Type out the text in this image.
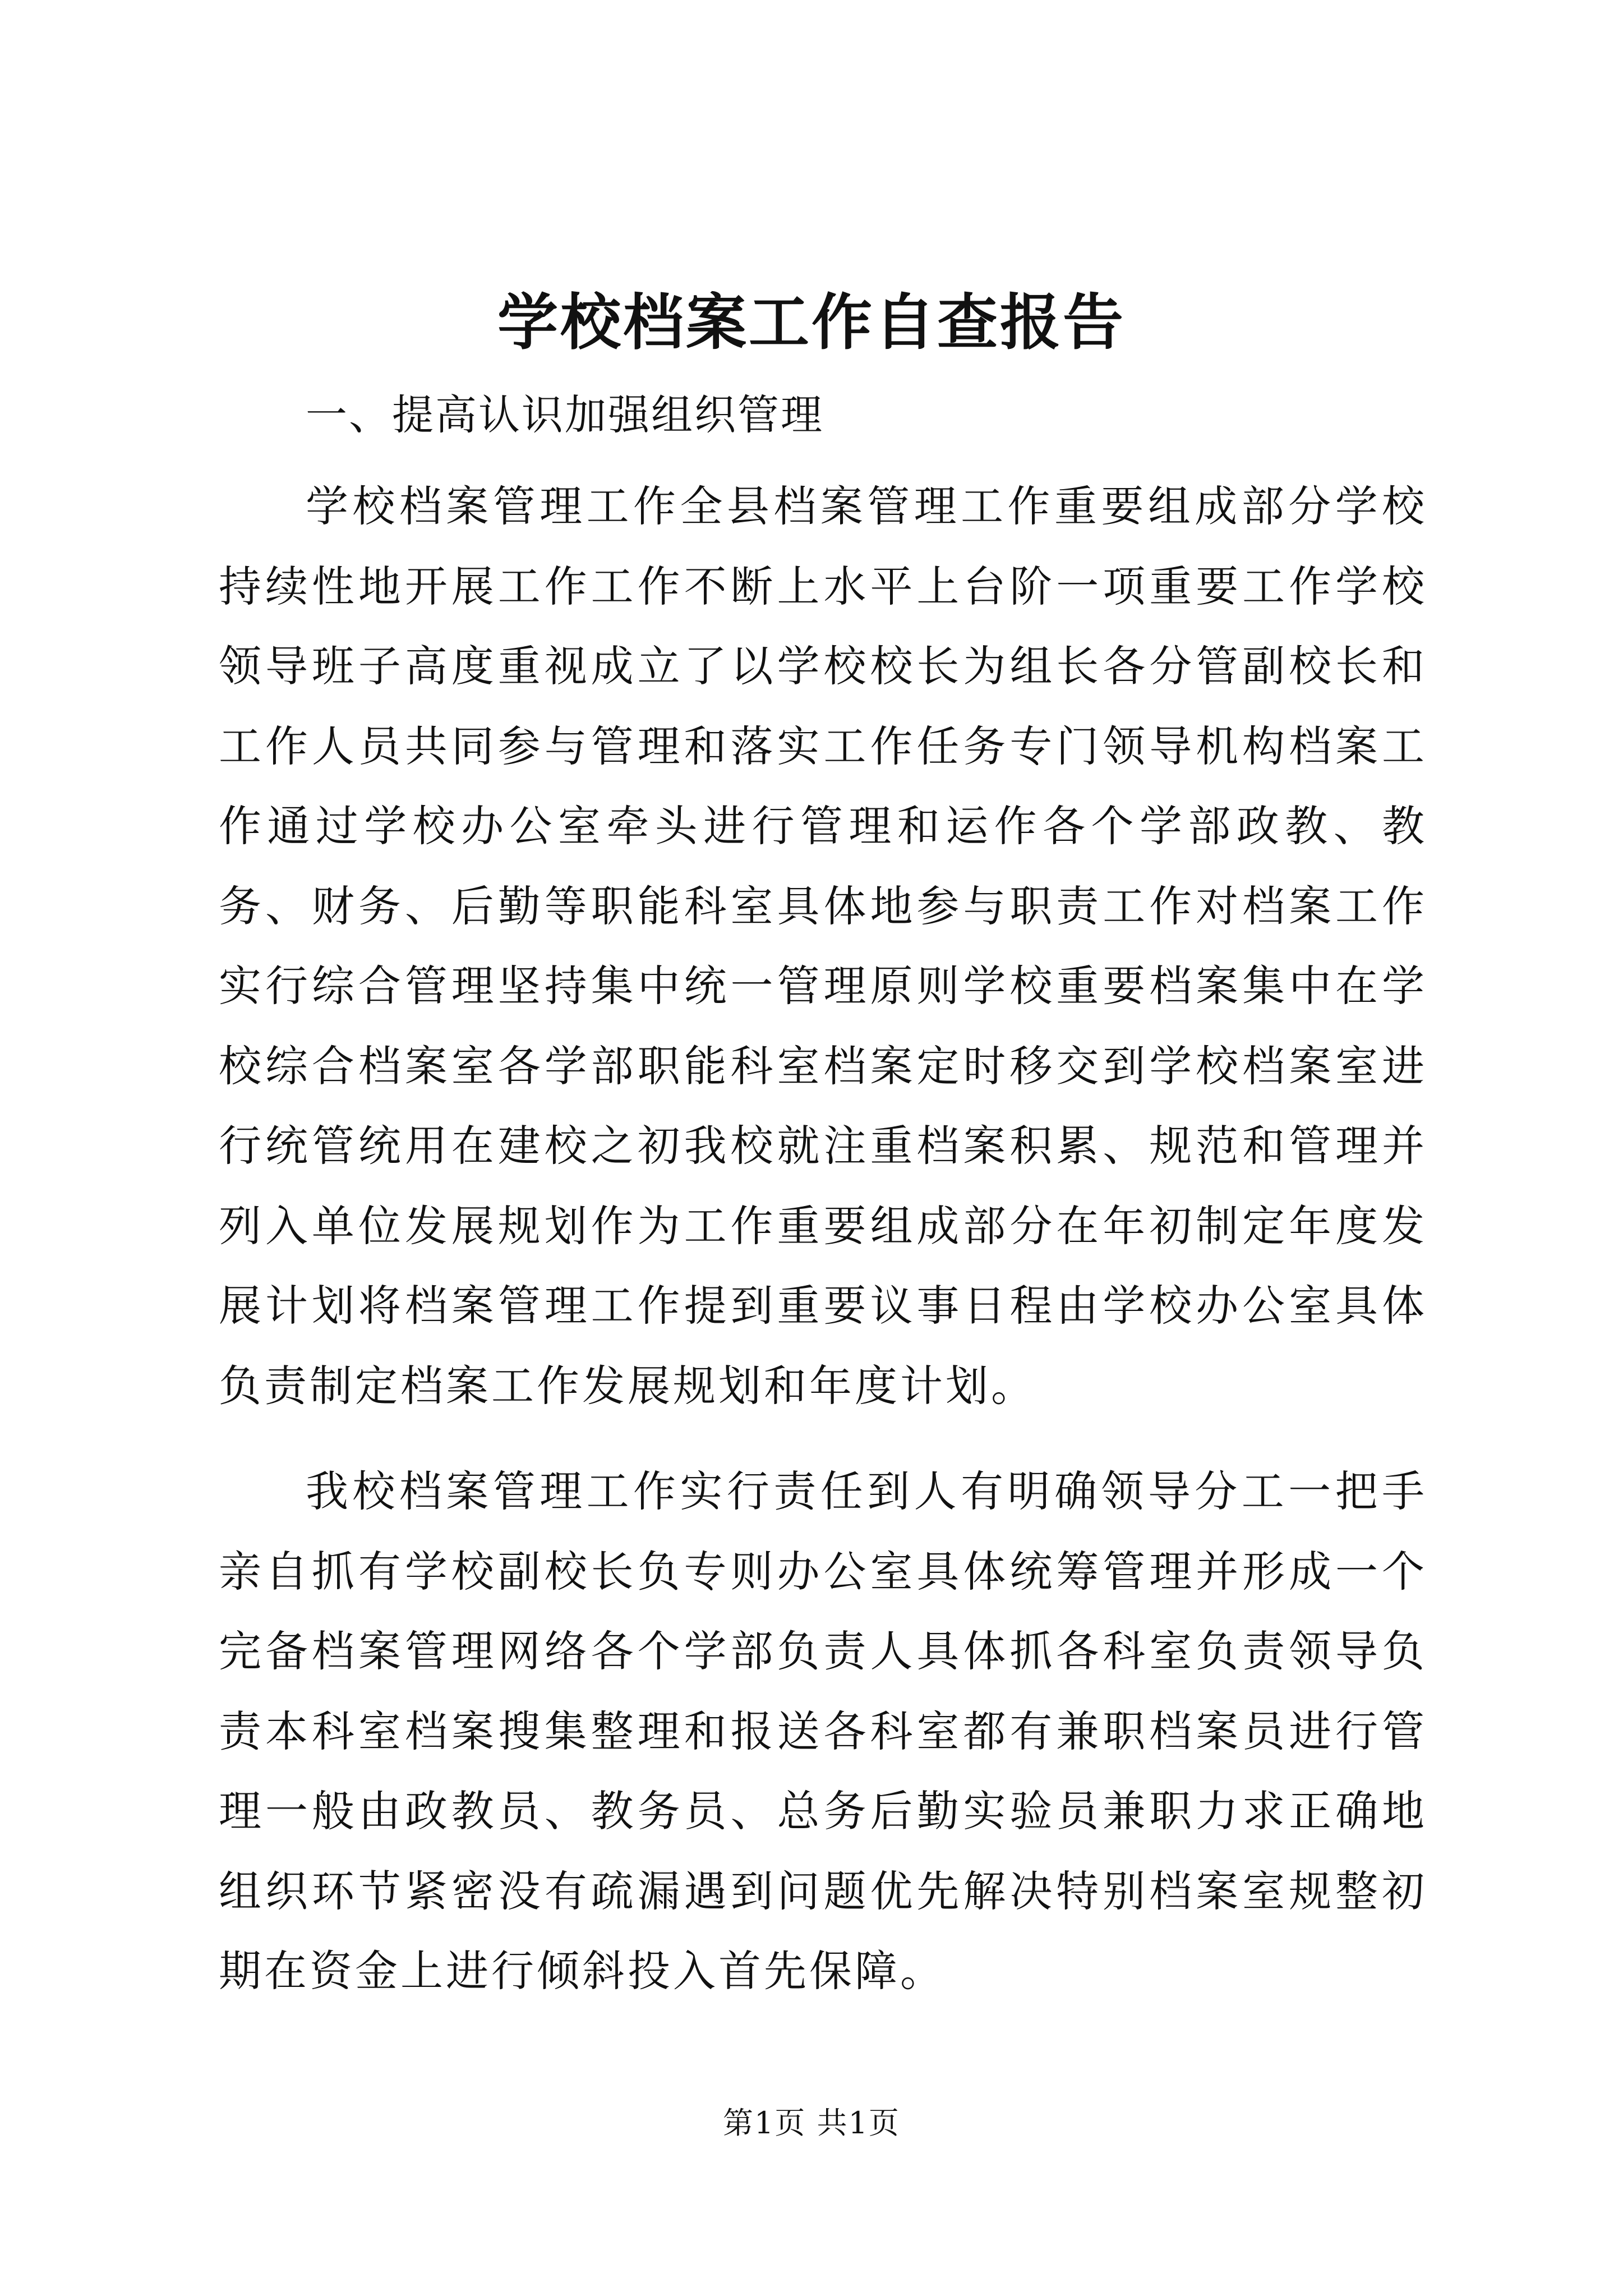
学校档案工作自查报告
一、提高认识加强组织管理

学校档案管理工作全县档案管理工作重要组成部分学校持续性地开展工作工作不断上水平上台阶一项重要工作学校领导班子高度重视成立了以学校校长为组长各分管副校长和工作人员共同参与管理和落实工作任务专门领导机构档案工作通过学校办公室牵头进行管理和运作各个学部政教、教务、财务、后勤等职能科室具体地参与职责工作对档案工作实行综合管理坚持集中统一管理原则学校重要档案集中在学校综合档案室各学部职能科室档案定时移交到学校档案室进行统管统用在建校之初我校就注重档案积累、规范和管理并列入单位发展规划作为工作重要组成部分在年初制定年度发展计划将档案管理工作提到重要议事日程由学校办公室具体负责制定档案工作发展规划和年度计划。

我校档案管理工作实行责任到人有明确领导分工一把手亲自抓有学校副校长负专则办公室具体统筹管理并形成一个完备档案管理网络各个学部负责人具体抓各科室负责领导负责本科室档案搜集整理和报送各科室都有兼职档案员进行管理一般由政教员、教务员、总务后勤实验员兼职力求正确地组织环节紧密没有疏漏遇到问题优先解决特别档案室规整初期在资金上进行倾斜投入首先保障。

第1页 共1页
